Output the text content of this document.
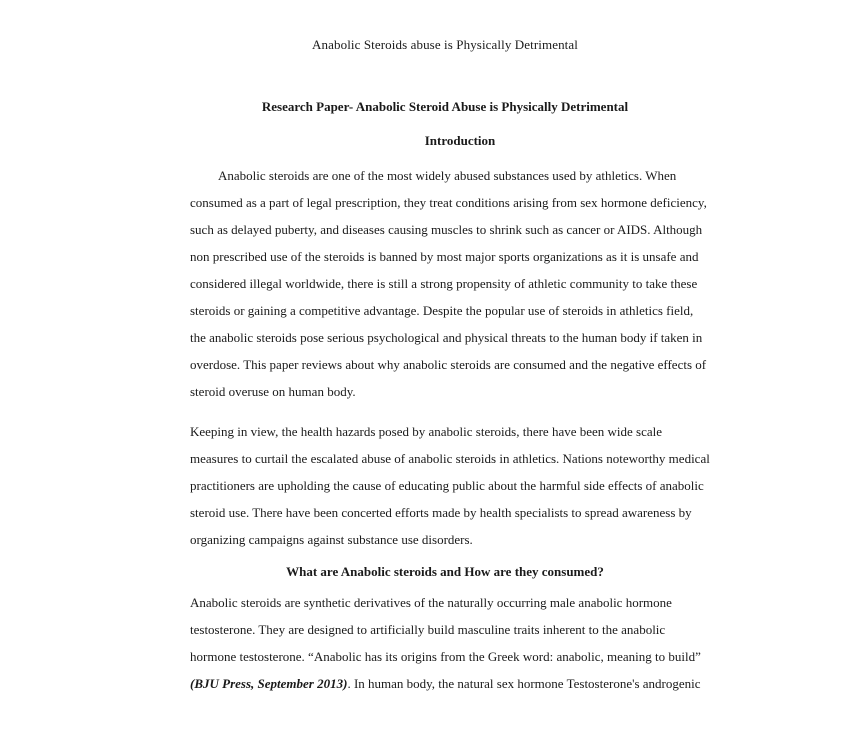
Anabolic Steroids abuse is Physically Detrimental
Research Paper- Anabolic Steroid Abuse is Physically Detrimental
Introduction

Anabolic steroids are one of the most widely abused substances used by athletics. When
consumed as a part of legal prescription, they treat conditions arising from sex hormone deficiency,
such as delayed puberty, and diseases causing muscles to shrink such as cancer or AIDS. Although
non prescribed use of the steroids is banned by most major sports organizations as it is unsafe and
considered illegal worldwide, there is still a strong propensity of athletic community to take these
steroids or gaining a competitive advantage. Despite the popular use of steroids in athletics field,
the anabolic steroids pose serious psychological and physical threats to the human body if taken in
overdose. This paper reviews about why anabolic steroids are consumed and the negative effects of
steroid overuse on human body.

Keeping in view, the health hazards posed by anabolic steroids, there have been wide scale
measures to curtail the escalated abuse of anabolic steroids in athletics. Nations noteworthy medical
practitioners are upholding the cause of educating public about the harmful side effects of anabolic
steroid use. There have been concerted efforts made by health specialists to spread awareness by
organizing campaigns against substance use disorders.

What are Anabolic steroids and How are they consumed?

Anabolic steroids are synthetic derivatives of the naturally occurring male anabolic hormone
testosterone. They are designed to artificially build masculine traits inherent to the anabolic
hormone testosterone. “Anabolic has its origins from the Greek word: anabolic, meaning to build”
(BJU Press, September 2013). In human body, the natural sex hormone Testosterone's androgenic
